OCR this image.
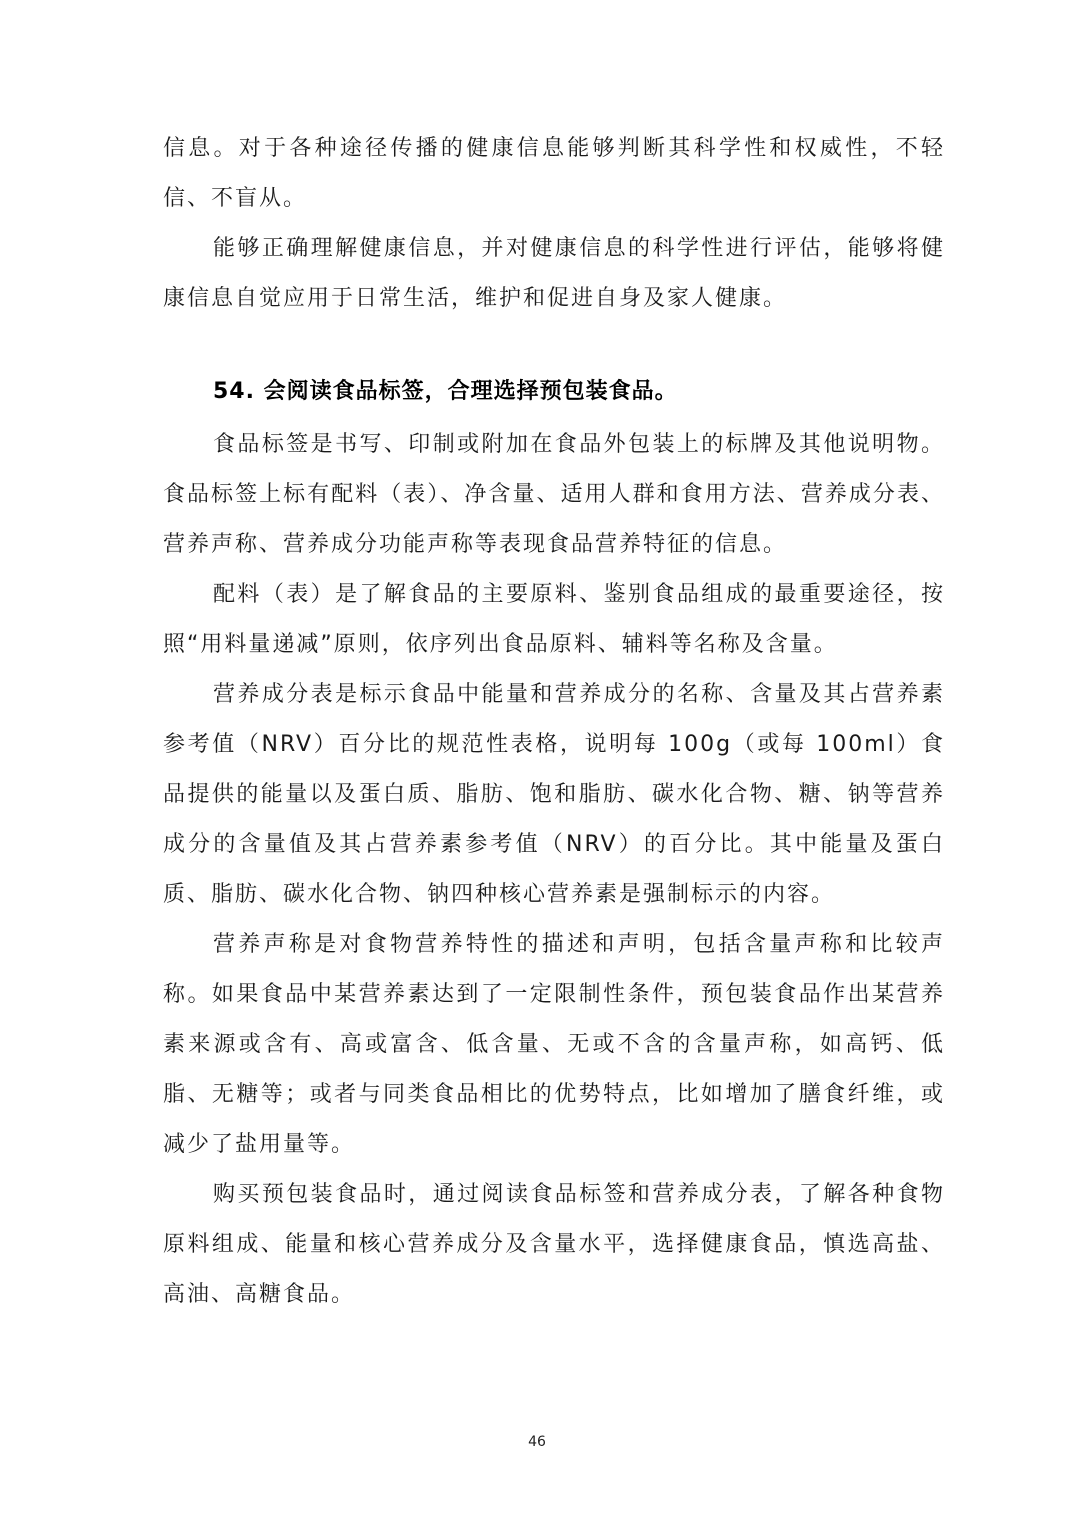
信息。对于各种途径传播的健康信息能够判断其科学性和权威性，不轻信、不盲从。

能够正确理解健康信息，并对健康信息的科学性进行评估，能够将健康信息自觉应用于日常生活，维护和促进自身及家人健康。

54. 会阅读食品标签，合理选择预包装食品。

食品标签是书写、印制或附加在食品外包装上的标牌及其他说明物。食品标签上标有配料（表）、净含量、适用人群和食用方法、营养成分表、营养声称、营养成分功能声称等表现食品营养特征的信息。

配料（表）是了解食品的主要原料、鉴别食品组成的最重要途径，按照“用料量递减”原则，依序列出食品原料、辅料等名称及含量。

营养成分表是标示食品中能量和营养成分的名称、含量及其占营养素参考值（NRV）百分比的规范性表格，说明每 100g（或每 100ml）食品提供的能量以及蛋白质、脂肪、饱和脂肪、碳水化合物、糖、钠等营养成分的含量值及其占营养素参考值（NRV）的百分比。其中能量及蛋白质、脂肪、碳水化合物、钠四种核心营养素是强制标示的内容。

营养声称是对食物营养特性的描述和声明，包括含量声称和比较声称。如果食品中某营养素达到了一定限制性条件，预包装食品作出某营养素来源或含有、高或富含、低含量、无或不含的含量声称，如高钙、低脂、无糖等；或者与同类食品相比的优势特点，比如增加了膳食纤维，或减少了盐用量等。

购买预包装食品时，通过阅读食品标签和营养成分表，了解各种食物原料组成、能量和核心营养成分及含量水平，选择健康食品，慎选高盐、高油、高糖食品。

46
